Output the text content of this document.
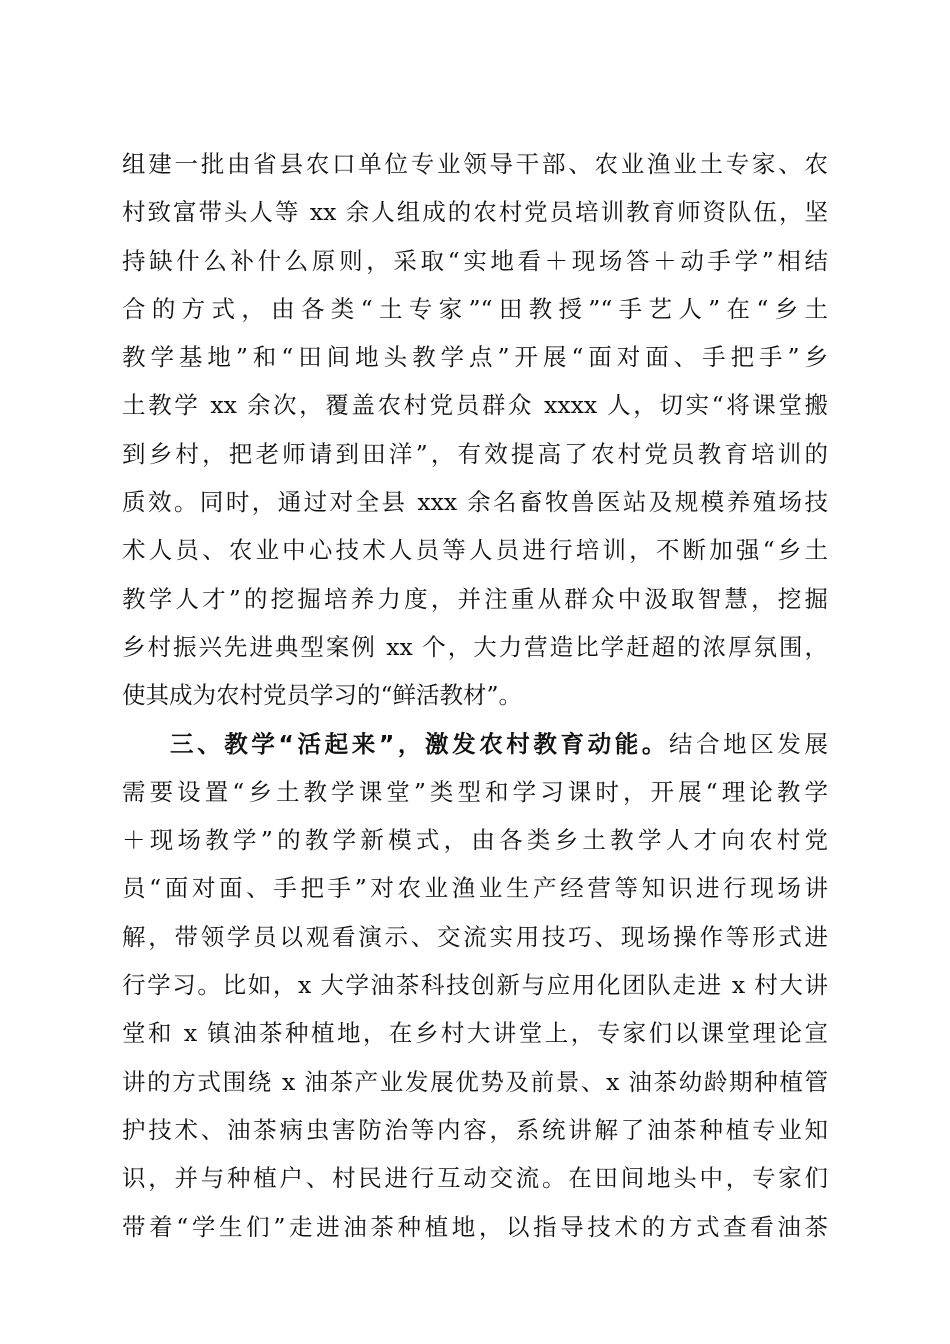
组建一批由省县农口单位专业领导干部、农业渔业土专家、农
村致富带头人等 xx 余人组成的农村党员培训教育师资队伍，坚
持缺什么补什么原则，采取“实地看＋现场答＋动手学”相结
合的方式，由各类“土专家”“田教授”“手艺人”在“乡土
教学基地”和“田间地头教学点”开展“面对面、手把手”乡
土教学 xx 余次，覆盖农村党员群众 xxxx 人，切实“将课堂搬
到乡村，把老师请到田洋”，有效提高了农村党员教育培训的
质效。同时，通过对全县 xxx 余名畜牧兽医站及规模养殖场技
术人员、农业中心技术人员等人员进行培训，不断加强“乡土
教学人才”的挖掘培养力度，并注重从群众中汲取智慧，挖掘
乡村振兴先进典型案例 xx 个，大力营造比学赶超的浓厚氛围，
使其成为农村党员学习的“鲜活教材”。
三、教学“活起来”，激发农村教育动能。结合地区发展
需要设置“乡土教学课堂”类型和学习课时，开展“理论教学
＋现场教学”的教学新模式，由各类乡土教学人才向农村党
员“面对面、手把手”对农业渔业生产经营等知识进行现场讲
解，带领学员以观看演示、交流实用技巧、现场操作等形式进
行学习。比如，x 大学油茶科技创新与应用化团队走进 x 村大讲
堂和 x 镇油茶种植地，在乡村大讲堂上，专家们以课堂理论宣
讲的方式围绕 x 油茶产业发展优势及前景、x 油茶幼龄期种植管
护技术、油茶病虫害防治等内容，系统讲解了油茶种植专业知
识，并与种植户、村民进行互动交流。在田间地头中，专家们
带着“学生们”走进油茶种植地，以指导技术的方式查看油茶
